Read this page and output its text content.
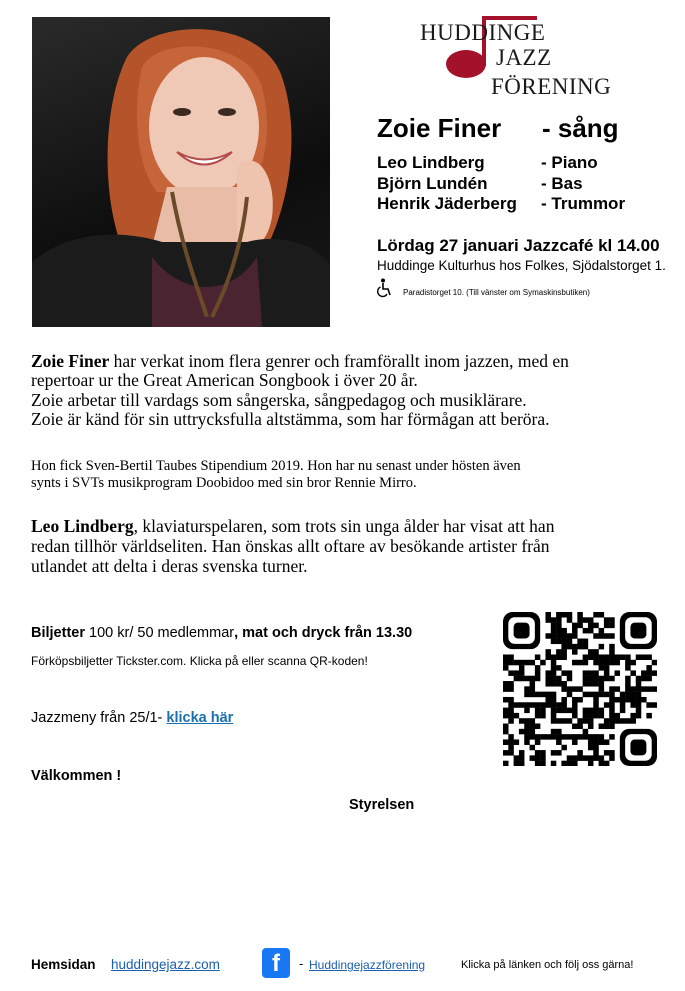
HUDDINGE
JAZZ
FÖRENING
Zoie Finer - sång
Leo Lindberg	- Piano
Björn Lundén	- Bas
Henrik Jäderberg - Trummor
Lördag 27 januari Jazzcafé kl 14.00
Huddinge Kulturhus hos Folkes, Sjödalstorget 1.
Paradistorget 10. (Till vänster om Symaskinsbutiken)
Zoie Finer har verkat inom flera genrer och framförallt inom jazzen, med en
repertoar ur the Great American Songbook i över 20 år.
Zoie arbetar till vardags som sångerska, sångpedagog och musiklärare.
Zoie är känd för sin uttrycksfulla altstämma, som har förmågan att beröra.
Hon fick Sven-Bertil Taubes Stipendium 2019. Hon har nu senast under hösten även
synts i SVTs musikprogram Doobidoo med sin bror Rennie Mirro.
Leo Lindberg, klaviaturspelaren, som trots sin unga ålder har visat att han
redan tillhör världseliten. Han önskas allt oftare av besökande artister från
utlandet att delta i deras svenska turner.
Biljetter 100 kr/ 50 medlemmar, mat och dryck från 13.30
Förköpsbiljetter Tickster.com. Klicka på eller scanna QR-koden!
Jazzmeny från 25/1- klicka här
Välkommen !
Styrelsen
Hemsidan huddingejazz.com	f	- Huddingejazzförening	Klicka på länken och följ oss gärna!
